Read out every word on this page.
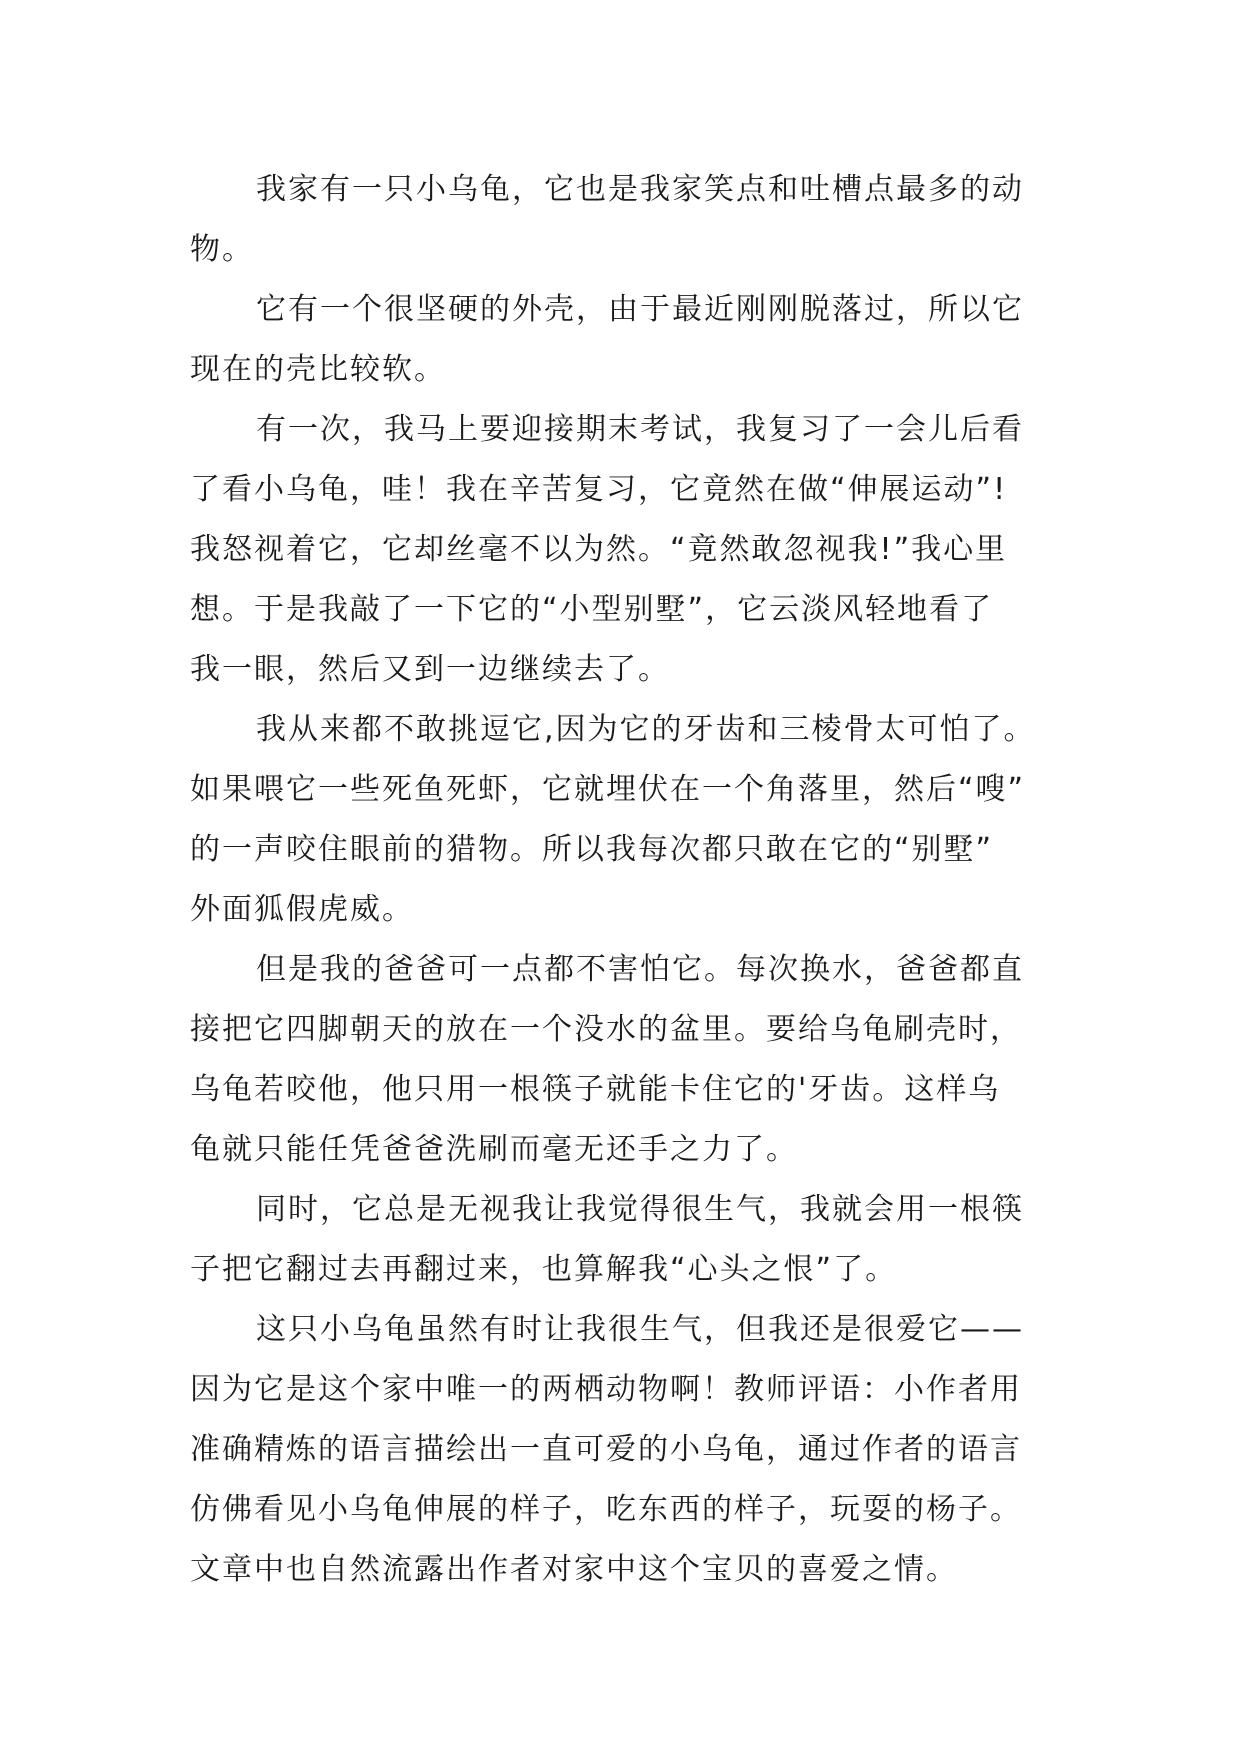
我家有一只小乌龟，它也是我家笑点和吐槽点最多的动
物。
它有一个很坚硬的外壳，由于最近刚刚脱落过，所以它
现在的壳比较软。
有一次，我马上要迎接期末考试，我复习了一会儿后看
了看小乌龟，哇！我在辛苦复习，它竟然在做“伸展运动”!
我怒视着它，它却丝毫不以为然。“竟然敢忽视我!”我心里
想。于是我敲了一下它的“小型别墅”，它云淡风轻地看了
我一眼，然后又到一边继续去了。
我从来都不敢挑逗它,因为它的牙齿和三棱骨太可怕了。
如果喂它一些死鱼死虾，它就埋伏在一个角落里，然后“嗖”
的一声咬住眼前的猎物。所以我每次都只敢在它的“别墅”
外面狐假虎威。
但是我的爸爸可一点都不害怕它。每次换水，爸爸都直
接把它四脚朝天的放在一个没水的盆里。要给乌龟刷壳时，
乌龟若咬他，他只用一根筷子就能卡住它的'牙齿。这样乌
龟就只能任凭爸爸洗刷而毫无还手之力了。
同时，它总是无视我让我觉得很生气，我就会用一根筷
子把它翻过去再翻过来，也算解我“心头之恨”了。
这只小乌龟虽然有时让我很生气，但我还是很爱它——
因为它是这个家中唯一的两栖动物啊！教师评语：小作者用
准确精炼的语言描绘出一直可爱的小乌龟，通过作者的语言
仿佛看见小乌龟伸展的样子，吃东西的样子，玩耍的杨子。
文章中也自然流露出作者对家中这个宝贝的喜爱之情。
